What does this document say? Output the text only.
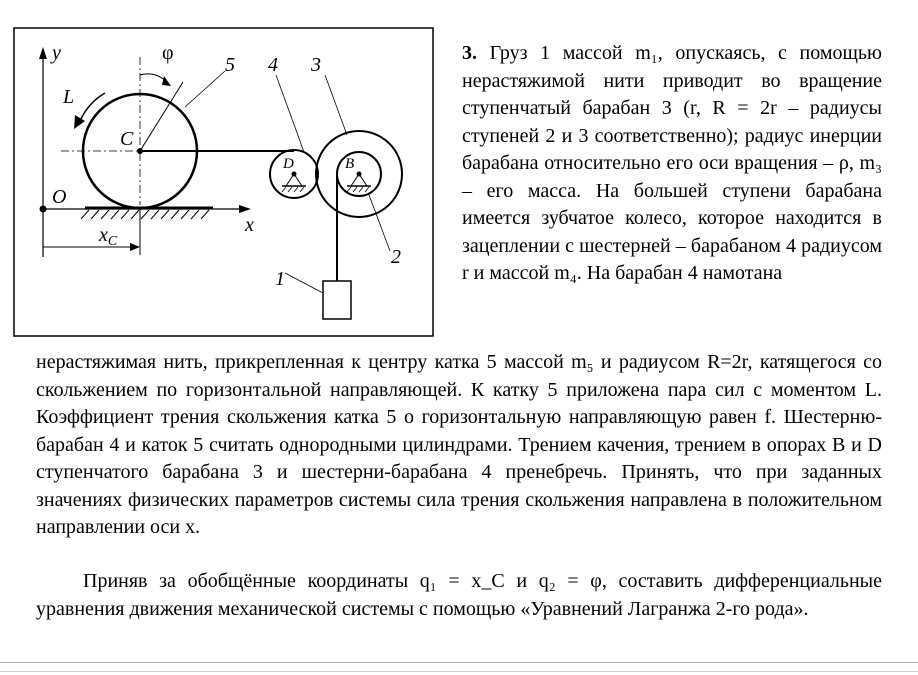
y	φ
5 4 3
L
C
D	B
O
x
$x_C$
2
1

3. Груз 1 массой m₁, опускаясь, с помощью нерастяжимой нити приводит во вращение ступенчатый барабан 3 (r, R = 2r – радиусы ступеней 2 и 3 соответственно); радиус инерции барабана относительно его оси вращения – ρ, m₃ – его масса. На большей ступени барабана имеется зубчатое колесо, которое находится в зацеплении с шестерней – барабаном 4 радиусом r и массой m₄. На барабан 4 намотана

нерастяжимая нить, прикрепленная к центру катка 5 массой m₅ и радиусом R=2r, катящегося со скольжением по горизонтальной направляющей. К катку 5 приложена пара сил с моментом L. Коэффициент трения скольжения катка 5 о горизонтальную направляющую равен f. Шестерню-барабан 4 и каток 5 считать однородными цилиндрами. Трением качения, трением в опорах B и D ступенчатого барабана 3 и шестерни-барабана 4 пренебречь. Принять, что при заданных значениях физических параметров системы сила трения скольжения направлена в положительном направлении оси x.

Приняв за обобщённые координаты q₁ = x_C и q₂ = φ, составить дифференциальные уравнения движения механической системы с помощью «Уравнений Лагранжа 2-го рода».
